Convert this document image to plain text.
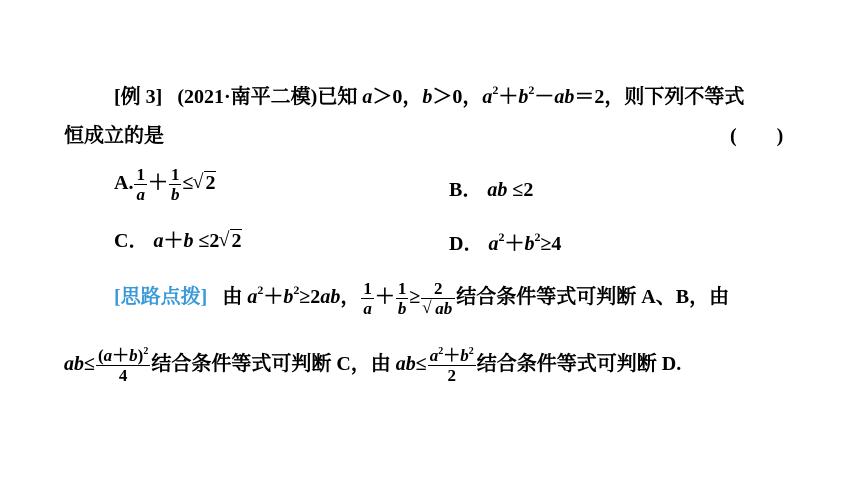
[例 3] (2021·南平二模)已知 a＞0，b＞0，$a^2+b^2-ab=2$，则下列不等式
恒成立的是	(　　)
A. $\frac{1}{a} + \frac{1}{b}$ ≤ √ 2	B． ab ≤2
C． a＋b ≤2 √ 2	D． $a^2+b^2\ge 4$
[思路点拨] 由 $a^2+b^2\ge 2ab$， $\frac{1}{a} + \frac{1}{b} \ge 2$
√ ab 结合条件等式可判断 A、B，由
$ab\le \frac{(a+b)^2}{4}$ 结合条件等式可判断 C，由 $ab\le \frac{a^2+b^2}{2}$ 结合条件等式可判断 D.
